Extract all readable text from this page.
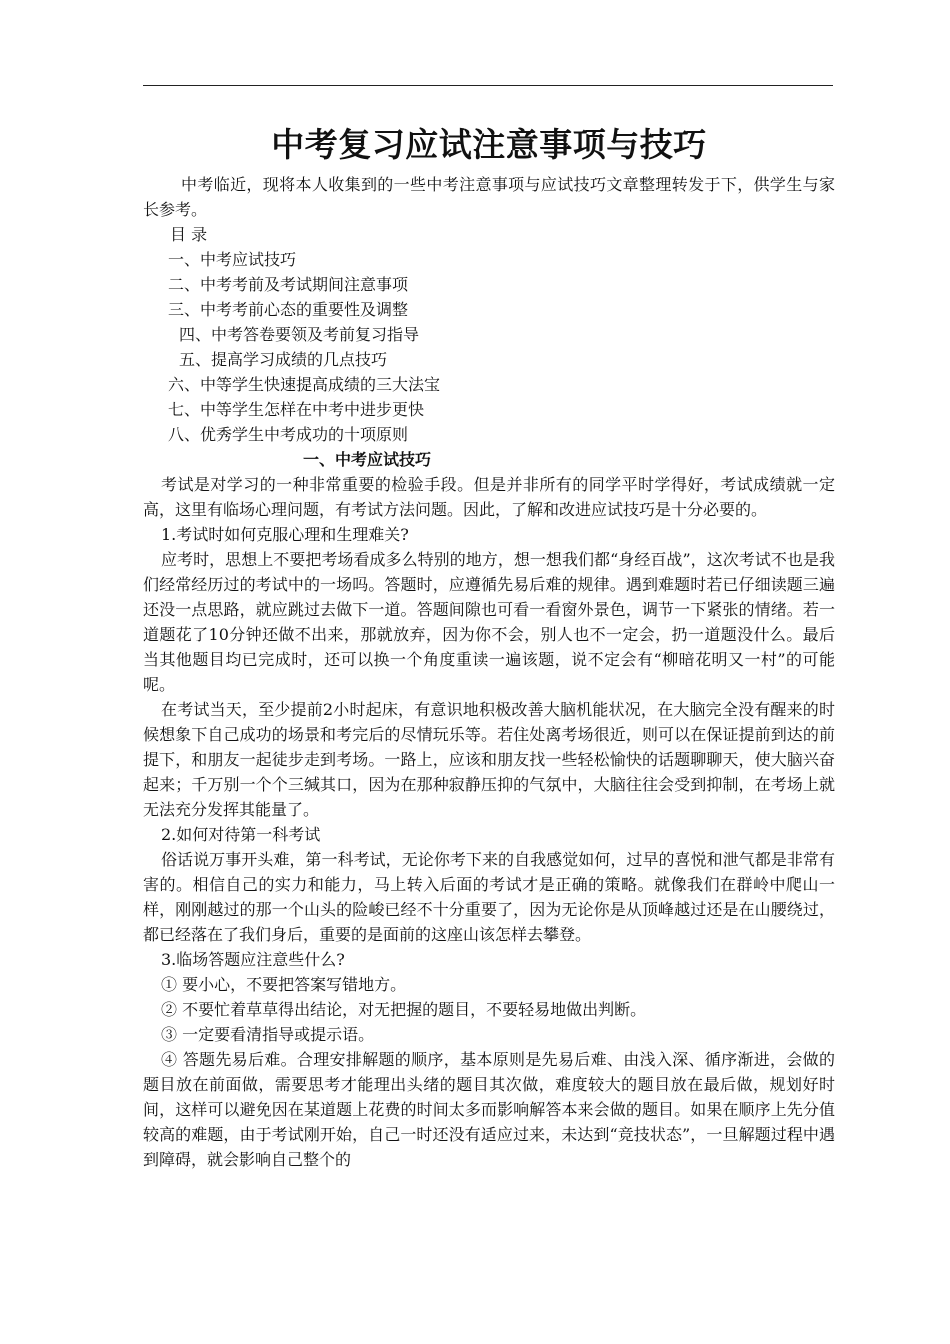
中考复习应试注意事项与技巧

中考临近，现将本人收集到的一些中考注意事项与应试技巧文章整理转发于下，供学生与家长参考。

目 录
一、中考应试技巧
二、中考考前及考试期间注意事项
三、中考考前心态的重要性及调整
四、中考答卷要领及考前复习指导
五、提高学习成绩的几点技巧
六、中等学生快速提高成绩的三大法宝
七、中等学生怎样在中考中进步更快
八、优秀学生中考成功的十项原则
一、中考应试技巧

考试是对学习的一种非常重要的检验手段。但是并非所有的同学平时学得好，考试成绩就一定高，这里有临场心理问题，有考试方法问题。因此，了解和改进应试技巧是十分必要的。

1.考试时如何克服心理和生理难关?

应考时，思想上不要把考场看成多么特别的地方，想一想我们都“身经百战”，这次考试不也是我们经常经历过的考试中的一场吗。答题时，应遵循先易后难的规律。遇到难题时若已仔细读题三遍还没一点思路，就应跳过去做下一道。答题间隙也可看一看窗外景色，调节一下紧张的情绪。若一道题花了10分钟还做不出来，那就放弃，因为你不会，别人也不一定会，扔一道题没什么。最后当其他题目均已完成时，还可以换一个角度重读一遍该题，说不定会有“柳暗花明又一村”的可能呢。

在考试当天，至少提前2小时起床，有意识地积极改善大脑机能状况，在大脑完全没有醒来的时候想象下自己成功的场景和考完后的尽情玩乐等。若住处离考场很近，则可以在保证提前到达的前提下，和朋友一起徒步走到考场。一路上，应该和朋友找一些轻松愉快的话题聊聊天，使大脑兴奋起来；千万别一个个三缄其口，因为在那种寂静压抑的气氛中，大脑往往会受到抑制，在考场上就无法充分发挥其能量了。

2.如何对待第一科考试

俗话说万事开头难，第一科考试，无论你考下来的自我感觉如何，过早的喜悦和泄气都是非常有害的。相信自己的实力和能力，马上转入后面的考试才是正确的策略。就像我们在群岭中爬山一样，刚刚越过的那一个山头的险峻已经不十分重要了，因为无论你是从顶峰越过还是在山腰绕过，都已经落在了我们身后，重要的是面前的这座山该怎样去攀登。

3.临场答题应注意些什么?

① 要小心，不要把答案写错地方。

② 不要忙着草草得出结论，对无把握的题目，不要轻易地做出判断。

③ 一定要看清指导或提示语。

④ 答题先易后难。合理安排解题的顺序，基本原则是先易后难、由浅入深、循序渐进，会做的题目放在前面做，需要思考才能理出头绪的题目其次做，难度较大的题目放在最后做，规划好时间，这样可以避免因在某道题上花费的时间太多而影响解答本来会做的题目。如果在顺序上先分值较高的难题，由于考试刚开始，自己一时还没有适应过来，未达到“竞技状态”，一旦解题过程中遇到障碍，就会影响自己整个的
